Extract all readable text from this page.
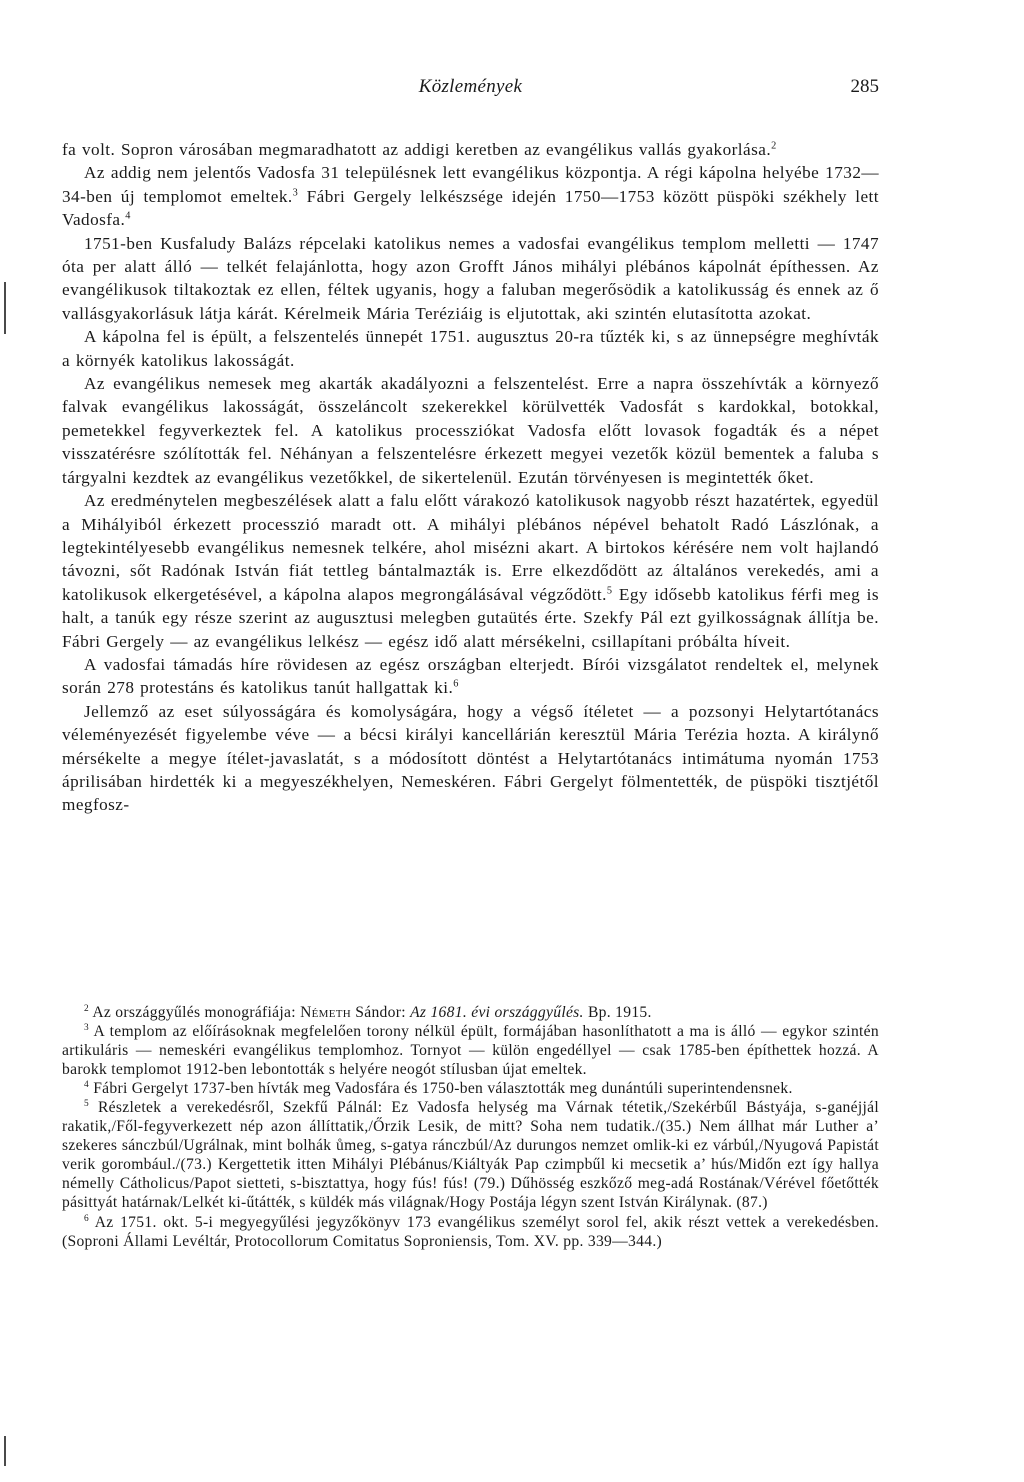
Közlemények	285

fa volt. Sopron városában megmaradhatott az addigi keretben az evangélikus vallás gyakorlása.$^2$

Az addig nem jelentős Vadosfa 31 településnek lett evangélikus központja. A régi kápolna helyébe 1732—34-ben új templomot emeltek.$^3$ Fábri Gergely lelkészsége idején 1750—1753 között püspöki székhely lett Vadosfa.$^4$

1751-ben Kusfaludy Balázs répcelaki katolikus nemes a vadosfai evangélikus templom melletti — 1747 óta per alatt álló — telkét felajánlotta, hogy azon Grofft János mihályi plébános kápolnát építhessen. Az evangélikusok tiltakoztak ez ellen, féltek ugyanis, hogy a faluban megerősödik a katolikusság és ennek az ő vallásgyakorlásuk látja kárát. Kérelmeik Mária Teréziáig is eljutottak, aki szintén elutasította azokat.

A kápolna fel is épült, a felszentelés ünnepét 1751. augusztus 20-ra tűzték ki, s az ünnepségre meghívták a környék katolikus lakosságát.

Az evangélikus nemesek meg akarták akadályozni a felszentelést. Erre a napra összehívták a környező falvak evangélikus lakosságát, összeláncolt szekerekkel körülvették Vadosfát s kardokkal, botokkal, pemetekkel fegyverkeztek fel. A katolikus processziókat Vadosfa előtt lovasok fogadták és a népet visszatérésre szólították fel. Néhányan a felszentelésre érkezett megyei vezetők közül bementek a faluba s tárgyalni kezdtek az evangélikus vezetőkkel, de sikertelenül. Ezután törvényesen is megintették őket.

Az eredménytelen megbeszélések alatt a falu előtt várakozó katolikusok nagyobb részt hazatértek, egyedül a Mihályiból érkezett processzió maradt ott. A mihályi plébános népével behatolt Radó Lászlónak, a legtekintélyesebb evangélikus nemesnek telkére, ahol misézni akart. A birtokos kérésére nem volt hajlandó távozni, sőt Radónak István fiát tettleg bántalmazták is. Erre elkezdődött az általános verekedés, ami a katolikusok elkergetésével, a kápolna alapos megrongálásával végződött.$^5$ Egy idősebb katolikus férfi meg is halt, a tanúk egy része szerint az augusztusi melegben gutaütés érte. Szekfy Pál ezt gyilkosságnak állítja be. Fábri Gergely — az evangélikus lelkész — egész idő alatt mérsékelni, csillapítani próbálta híveit.

A vadosfai támadás híre rövidesen az egész országban elterjedt. Bírói vizsgálatot rendeltek el, melynek során 278 protestáns és katolikus tanút hallgattak ki.$^6$

Jellemző az eset súlyosságára és komolyságára, hogy a végső ítéletet — a pozsonyi Helytartótanács véleményezését figyelembe véve — a bécsi királyi kancellárián keresztül Mária Terézia hozta. A királynő mérsékelte a megye ítélet-javaslatát, s a módosított döntést a Helytartótanács intimátuma nyomán 1753 áprilisában hirdették ki a megyeszékhelyen, Nemeskéren. Fábri Gergelyt fölmentették, de püspöki tisztjétől megfosz-

$^2$ Az országgyűlés monográfiája: Németh Sándor: Az 1681. évi országgyűlés. Bp. 1915.

$^3$ A templom az előírásoknak megfelelően torony nélkül épült, formájában hasonlíthatott a ma is álló — egykor szintén artikuláris — nemeskéri evangélikus templomhoz. Tornyot — külön engedéllyel — csak 1785-ben építhettek hozzá. A barokk templomot 1912-ben lebontották s helyére neogót stílusban újat emeltek.

$^4$ Fábri Gergelyt 1737-ben hívták meg Vadosfára és 1750-ben választották meg dunántúli superintendensnek.

$^5$ Részletek a verekedésről, Szekfű Pálnál: Ez Vadosfa helység ma Várnak tétetik,/Szekérbűl Bástyája, s-ganéjjál rakatik,/Fől-fegyverkezett nép azon állíttatik,/Őrzik Lesik, de mitt? Soha nem tudatik./(35.) Nem állhat már Luther a’ szekeres sánczbúl/Ugrálnak, mint bolhák ůmeg, s-gatya ránczbúl/Az durungos nemzet omlik-ki ez várbúl,/Nyugová Papistát verik gorombául./(73.) Kergettetik itten Mihályi Plébánus/Kiáltyák Pap czimpbűl ki mecsetik a’ hús/Midőn ezt így hallya némelly Cátholicus/Papot sietteti, s-bisztattya, hogy fús! fús! (79.) Dűhösség eszkőző meg-adá Rostának/Vérével főetőtték pásittyát határnak/Lelkét ki-űtátték, s küldék más világnak/Hogy Postája légyn szent István Királynak. (87.)

$^6$ Az 1751. okt. 5-i megyegyűlési jegyzőkönyv 173 evangélikus személyt sorol fel, akik részt vettek a verekedésben. (Soproni Állami Levéltár, Protocollorum Comitatus Soproniensis, Tom. XV. pp. 339—344.)
